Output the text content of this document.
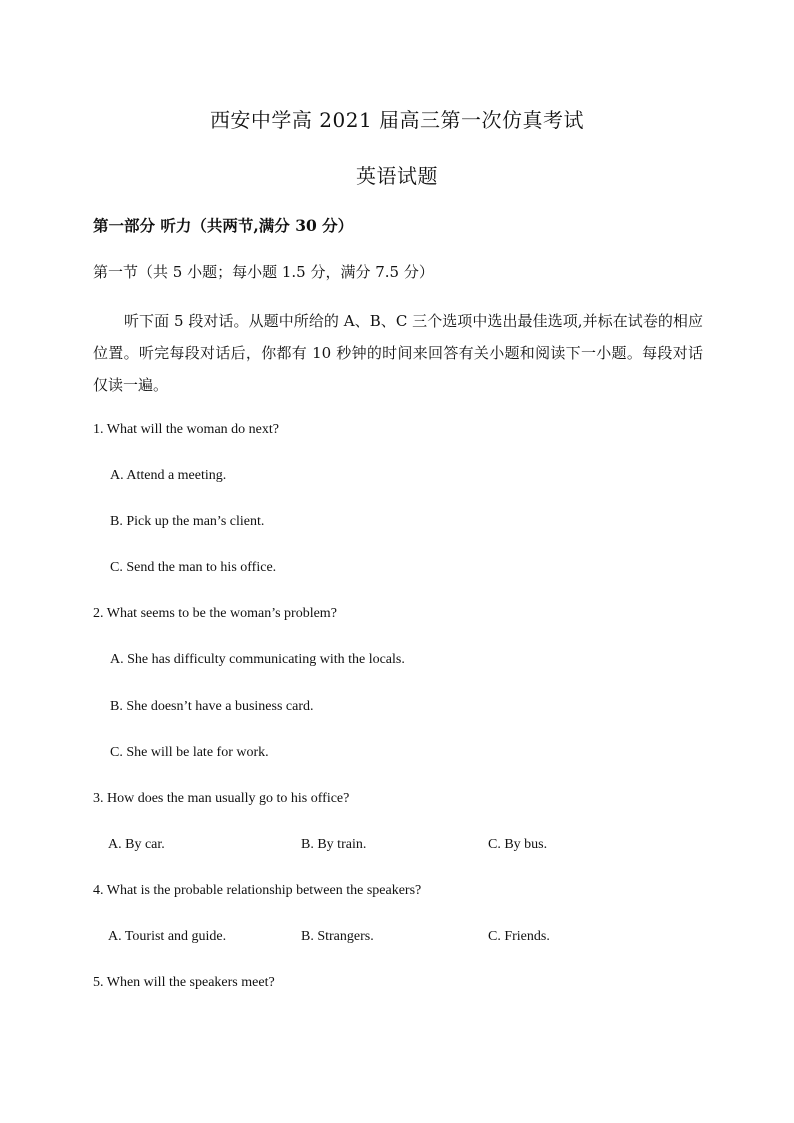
西安中学高 2021 届高三第一次仿真考试
英语试题
第一部分 听力（共两节,满分 30 分）
第一节（共 5 小题；每小题 1.5 分，满分 7.5 分）
听下面 5 段对话。从题中所给的 A、B、C 三个选项中选出最佳选项,并标在试卷的相应位置。听完每段对话后，你都有 10 秒钟的时间来回答有关小题和阅读下一小题。每段对话仅读一遍。
1. What will the woman do next?
A. Attend a meeting.
B. Pick up the man’s client.
C. Send the man to his office.
2. What seems to be the woman’s problem?
A. She has difficulty communicating with the locals.
B. She doesn’t have a business card.
C. She will be late for work.
3. How does the man usually go to his office?
A. By car.	B. By train.	C. By bus.
4. What is the probable relationship between the speakers?
A. Tourist and guide.	B. Strangers.	C. Friends.
5. When will the speakers meet?
